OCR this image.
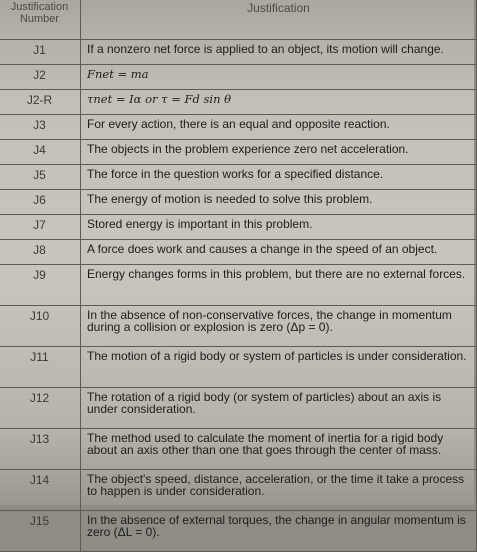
Justification Number	Justification
J1	If a nonzero net force is applied to an object, its motion will change.
J2	Fnet = ma
J2-R	τnet = Iα or τ = Fd sin θ
J3	For every action, there is an equal and opposite reaction.
J4	The objects in the problem experience zero net acceleration.
J5	The force in the question works for a specified distance.
J6	The energy of motion is needed to solve this problem.
J7	Stored energy is important in this problem.
J8	A force does work and causes a change in the speed of an object.
J9	Energy changes forms in this problem, but there are no external forces.
J10	In the absence of non-conservative forces, the change in momentum during a collision or explosion is zero (Δp = 0).
J11	The motion of a rigid body or system of particles is under consideration.
J12	The rotation of a rigid body (or system of particles) about an axis is under consideration.
J13	The method used to calculate the moment of inertia for a rigid body about an axis other than one that goes through the center of mass.
J14	The object's speed, distance, acceleration, or the time it take a process to happen is under consideration.
J15	In the absence of external torques, the change in angular momentum is zero (ΔL = 0).
